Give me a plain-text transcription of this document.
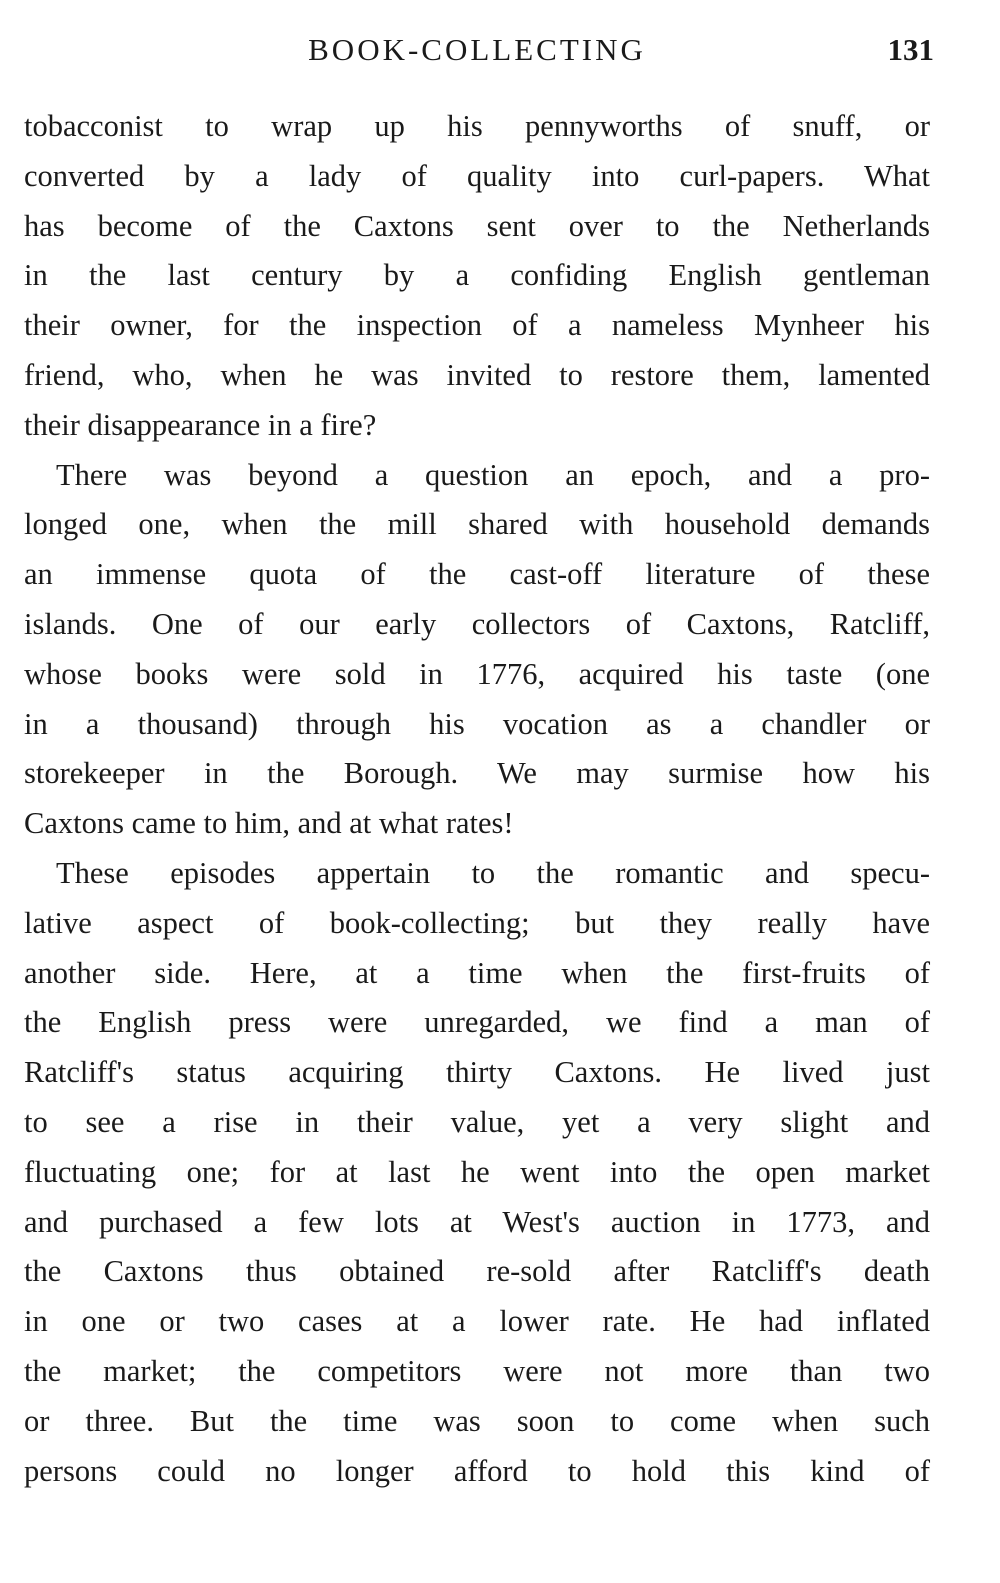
BOOK-COLLECTING	131

tobacconist to wrap up his pennyworths of snuff, or
converted by a lady of quality into curl-papers. What
has become of the Caxtons sent over to the Netherlands
in the last century by a confiding English gentleman
their owner, for the inspection of a nameless Mynheer his
friend, who, when he was invited to restore them, lamented
their disappearance in a fire?

There was beyond a question an epoch, and a pro-
longed one, when the mill shared with household demands
an immense quota of the cast-off literature of these
islands. One of our early collectors of Caxtons, Ratcliff,
whose books were sold in 1776, acquired his taste (one
in a thousand) through his vocation as a chandler or
storekeeper in the Borough. We may surmise how his
Caxtons came to him, and at what rates!

These episodes appertain to the romantic and specu-
lative aspect of book-collecting; but they really have
another side. Here, at a time when the first-fruits of
the English press were unregarded, we find a man of
Ratcliff's status acquiring thirty Caxtons. He lived just
to see a rise in their value, yet a very slight and
fluctuating one; for at last he went into the open market
and purchased a few lots at West's auction in 1773, and
the Caxtons thus obtained re-sold after Ratcliff's death
in one or two cases at a lower rate. He had inflated
the market; the competitors were not more than two
or three. But the time was soon to come when such
persons could no longer afford to hold this kind of
